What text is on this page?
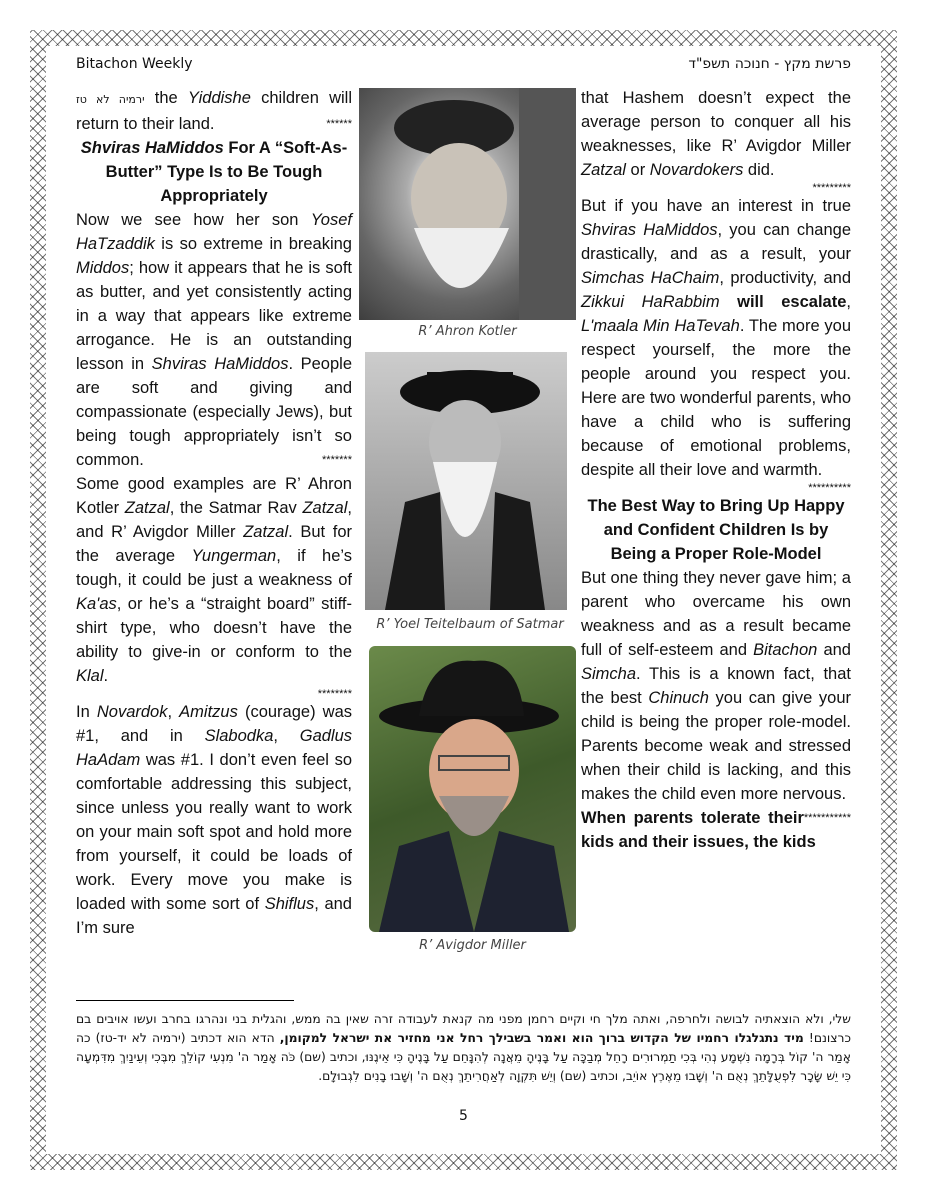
Bitachon Weekly	פרשת מקץ - חנוכה תשפ"ד

ירמיה לא טז the Yiddishe children will return to their land.	******

Shviras HaMiddos For A “Soft-As-Butter” Type Is to Be Tough Appropriately

Now we see how her son Yosef HaTzaddik is so extreme in breaking Middos; how it appears that he is soft as butter, and yet consistently acting in a way that appears like extreme arrogance. He is an outstanding lesson in Shviras HaMiddos. People are soft and giving and compassionate (especially Jews), but being tough appropriately isn’t so common.	*******

Some good examples are R’ Ahron Kotler Zatzal, the Satmar Rav Zatzal, and R’ Avigdor Miller Zatzal. But for the average Yungerman, if he’s tough, it could be just a weakness of Ka'as, or he’s a “straight board” stiff-shirt type, who doesn’t have the ability to give-in or conform to the Klal.

********

In Novardok, Amitzus (courage) was #1, and in Slabodka, Gadlus HaAdam was #1. I don’t even feel so comfortable addressing this subject, since unless you really want to work on your main soft spot and hold more from yourself, it could be loads of work. Every move you make is loaded with some sort of Shiflus, and I’m sure

that Hashem doesn’t expect the average person to conquer all his weaknesses, like R’ Avigdor Miller Zatzal or Novardokers did.

*********

But if you have an interest in true Shviras HaMiddos, you can change drastically, and as a result, your Simchas HaChaim, productivity, and Zikkui HaRabbim will escalate, L'maala Min HaTevah. The more you respect yourself, the more the people around you respect you. Here are two wonderful parents, who have a child who is suffering because of emotional problems, despite all their love and warmth.

**********

The Best Way to Bring Up Happy and Confident Children Is by Being a Proper Role-Model

But one thing they never gave him; a parent who overcame his own weakness and as a result became full of self-esteem and Bitachon and Simcha. This is a known fact, that the best Chinuch you can give your child is being the proper role-model. Parents become weak and stressed when their child is lacking, and this makes the child even more nervous.
***********

When parents tolerate their kids and their issues, the kids

R’ Ahron Kotler
R’ Yoel Teitelbaum of Satmar
R’ Avigdor Miller
שלי, ולא הוצאתיה לבושה ולחרפה, ואתה מלך חי וקיים רחמן מפני מה קנאת לעבודה זרה שאין בה ממש, והגלית בני ונהרגו בחרב ועשו אויבים בם כרצונם! מיד נתגלגלו רחמיו של הקדוש ברוך הוא ואמר בשבילך רחל אני מחזיר את ישראל למקומן, הדא הוא דכתיב (ירמיה לא יד-טז) כה אָמַר ה' קוֹל בְּרָמָה נִשְׁמָע נְהִי בְּכִי תַמְרוּרִים רָחֵל מְבַכָּה עַל בָּנֶיהָ מֵאֲנָה לְהִנָּחֵם עַל בָּנֶיהָ כִּי אֵינֶנּוּ, וכתיב (שם) כֹּה אָמַר ה' מִנְעִי קוֹלֵךְ מִבֶּכִי וְעֵינַיִךְ מִדִּמְעָה כִּי יֵשׁ שָׂכָר לִפְעֻלָּתֵךְ נְאֻם ה' וְשָׁבוּ מֵאֶרֶץ אוֹיֵב, וכתיב (שם) וְיֵשׁ תִּקְוָה לְאַחֲרִיתֵךְ נְאֻם ה' וְשָׁבוּ בָנִים לִגְבוּלָם.
5
